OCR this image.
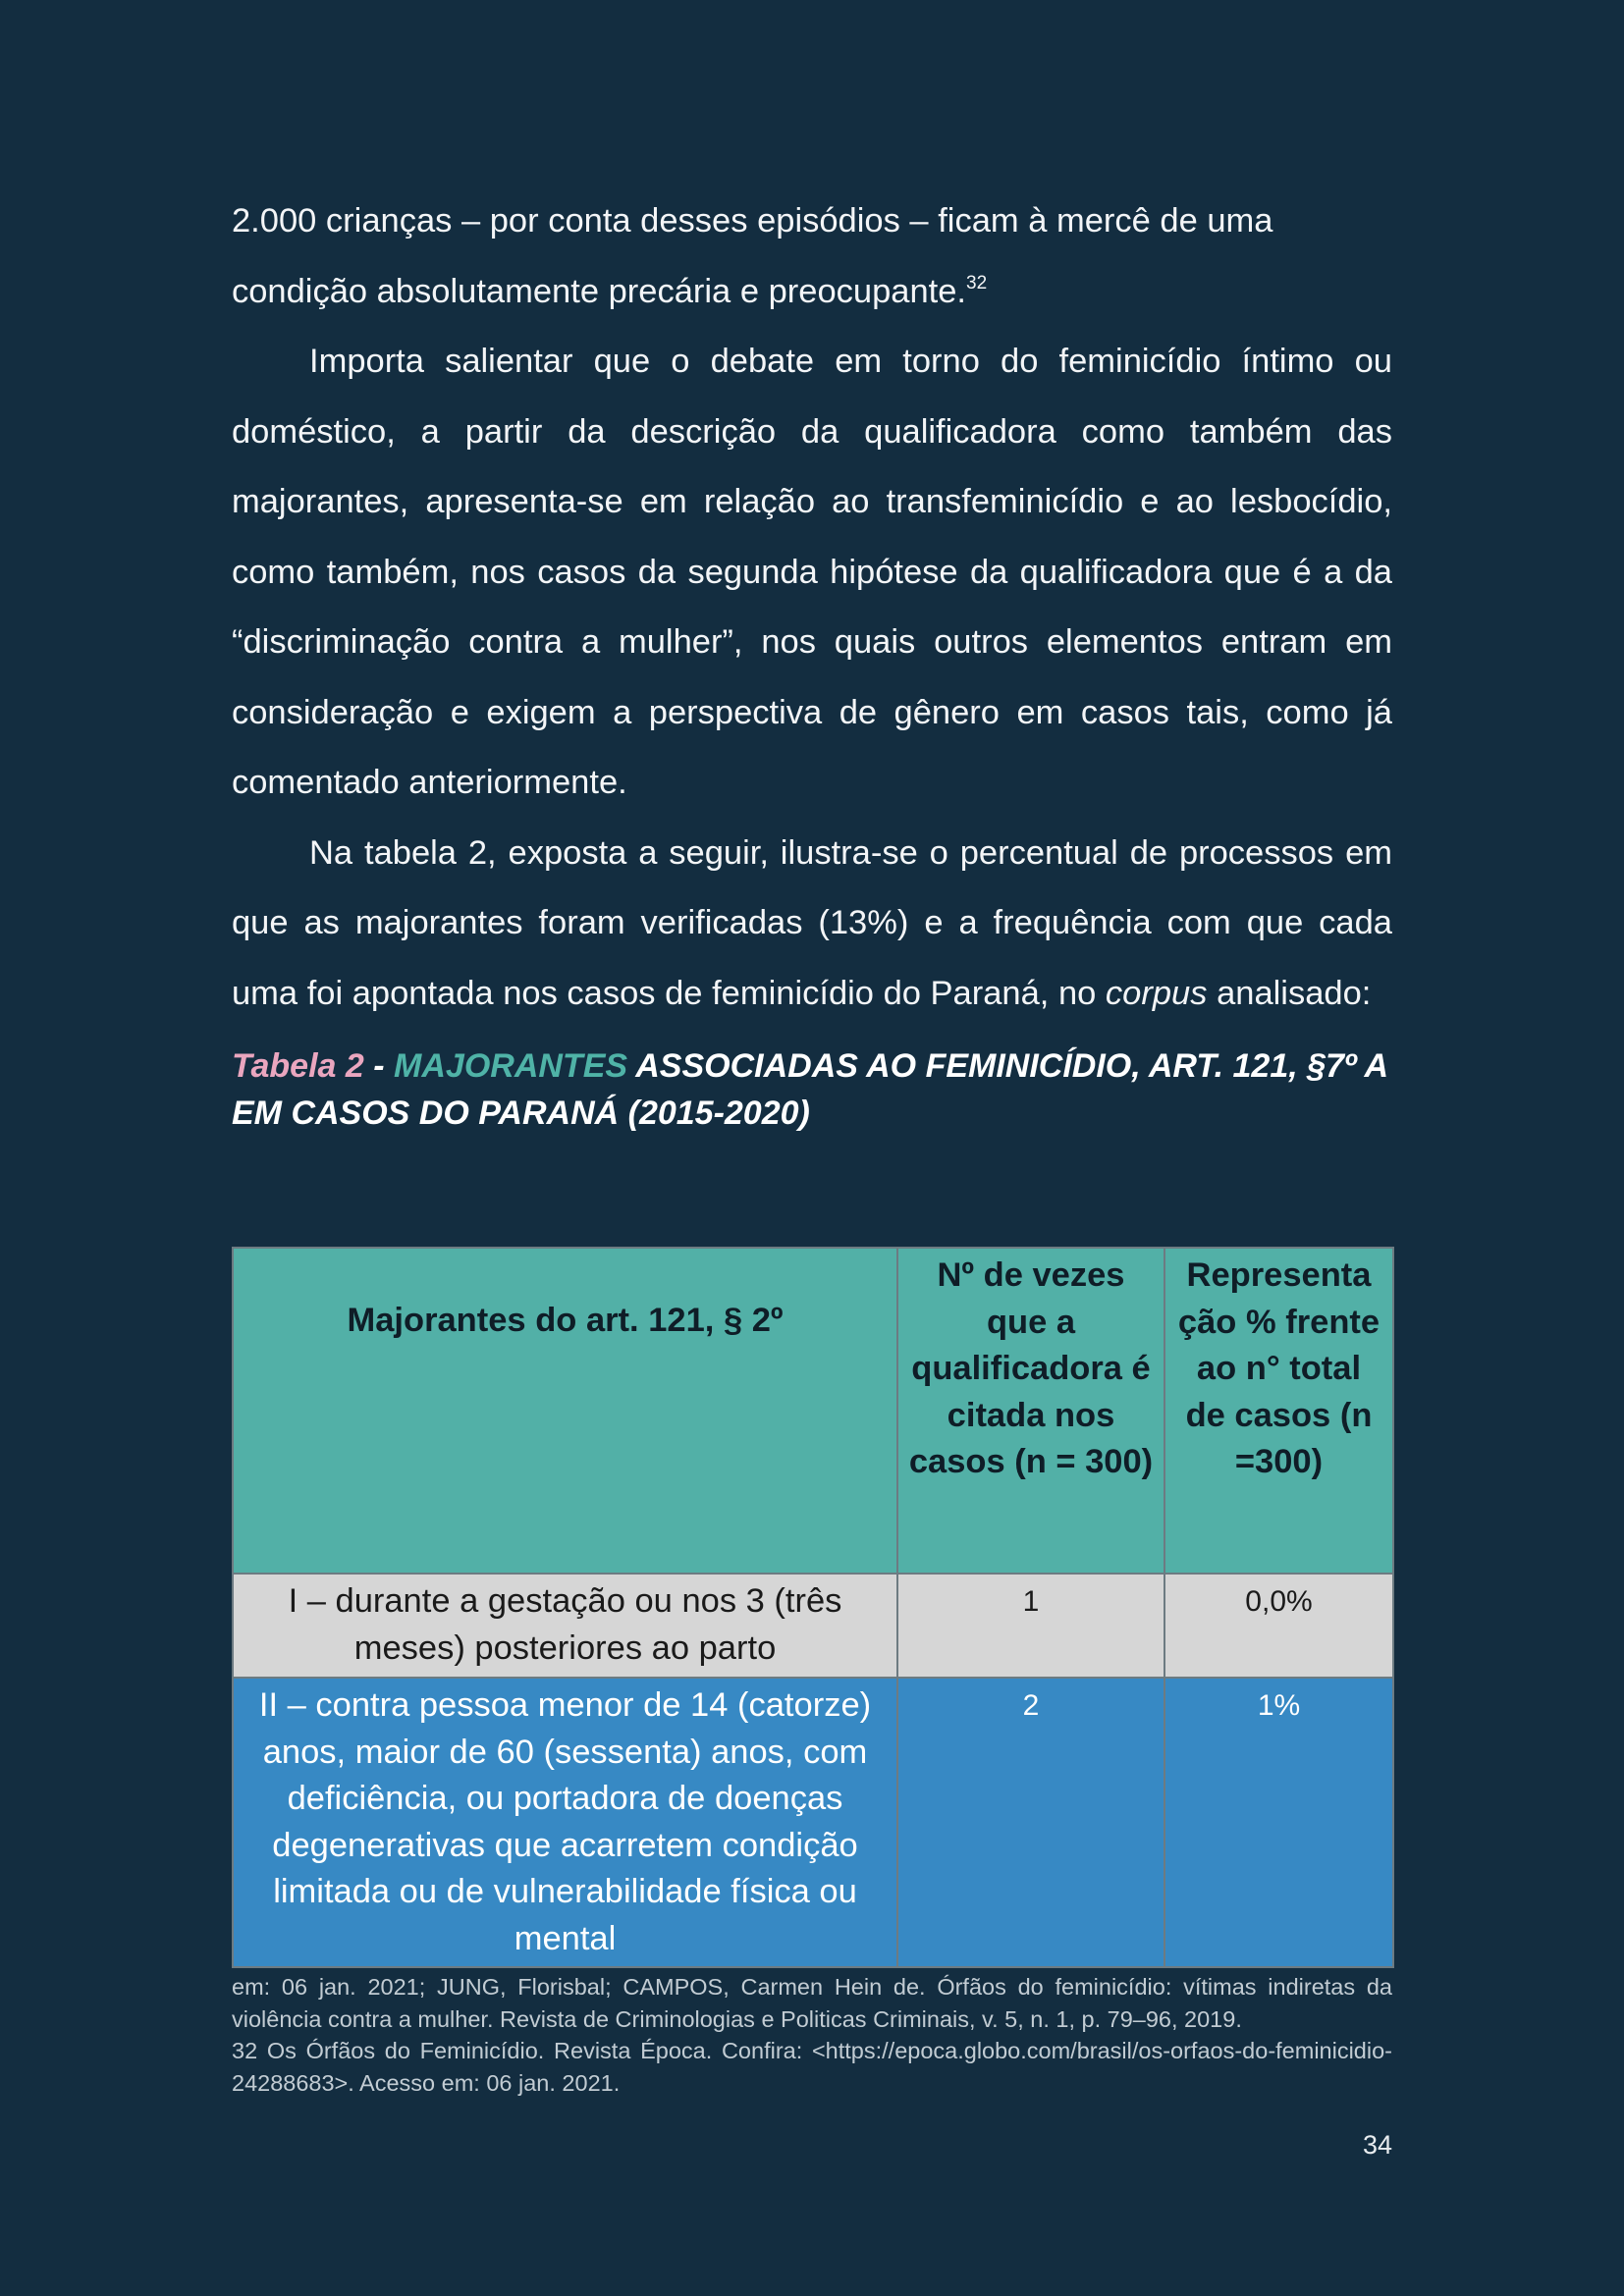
2.000 crianças – por conta desses episódios – ficam à mercê de uma
condição absolutamente precária e preocupante.$^{32}$

Importa salientar que o debate em torno do feminicídio íntimo ou doméstico, a partir da descrição da qualificadora como também das majorantes, apresenta-se em relação ao transfeminicídio e ao lesbocídio, como também, nos casos da segunda hipótese da qualificadora que é a da “discriminação contra a mulher”, nos quais outros elementos entram em consideração e exigem a perspectiva de gênero em casos tais, como já comentado anteriormente.

Na tabela 2, exposta a seguir, ilustra-se o percentual de processos em que as majorantes foram verificadas (13%) e a frequência com que cada uma foi apontada nos casos de feminicídio do Paraná, no corpus analisado:

Tabela 2 - MAJORANTES ASSOCIADAS AO FEMINICÍDIO, ART. 121, §7º A EM CASOS DO PARANÁ (2015-2020)

Majorantes do art. 121, § 2º	Nº de vezes que a qualificadora é citada nos casos (n = 300)	Representa ção % frente ao n° total de casos (n =300)
I – durante a gestação ou nos 3 (três meses) posteriores ao parto	1	0,0%
II – contra pessoa menor de 14 (catorze) anos, maior de 60 (sessenta) anos, com deficiência, ou portadora de doenças degenerativas que acarretem condição limitada ou de vulnerabilidade física ou mental	2	1%

em: 06 jan. 2021; JUNG, Florisbal; CAMPOS, Carmen Hein de. Órfãos do feminicídio: vítimas indiretas da violência contra a mulher. Revista de Criminologias e Politicas Criminais, v. 5, n. 1, p. 79–96, 2019.

32 Os Órfãos do Feminicídio. Revista Época. Confira: <https://epoca.globo.com/brasil/os-orfaos-do-feminicidio-24288683>. Acesso em: 06 jan. 2021.

34
